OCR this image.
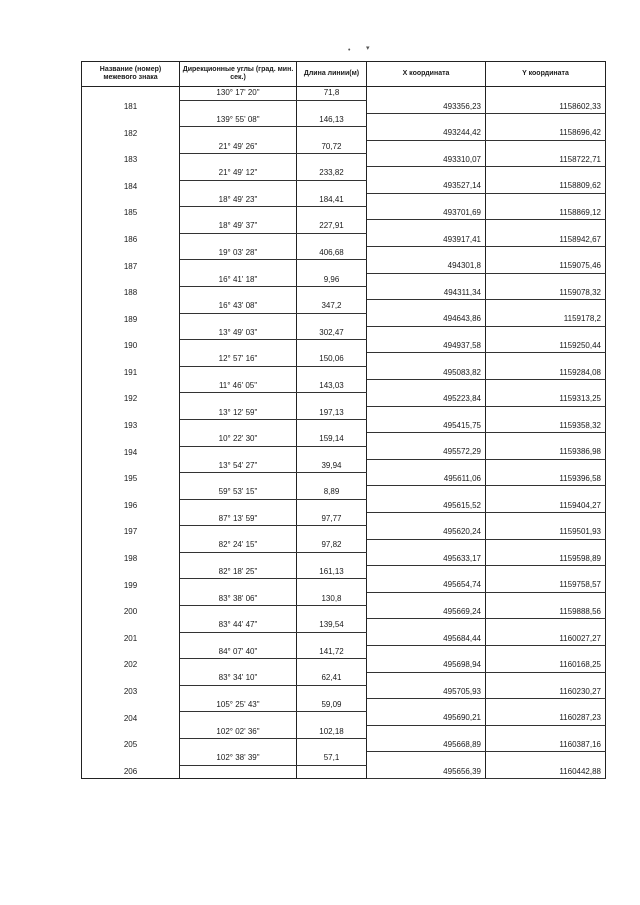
• ▾
Название (номер) межевого знака	Дирекционные углы (град. мин. сек.)	Длина линии(м)	X координата	Y координата
	130° 17' 20"	71,8		
181			493356,23	1158602,33
	139° 55' 08"	146,13		
182			493244,42	1158696,42
	21° 49' 26"	70,72		
183			493310,07	1158722,71
	21° 49' 12"	233,82		
184			493527,14	1158809,62
	18° 49' 23"	184,41		
185			493701,69	1158869,12
	18° 49' 37"	227,91		
186			493917,41	1158942,67
	19° 03' 28"	406,68		
187			494301,8	1159075,46
	16° 41' 18"	9,96		
188			494311,34	1159078,32
	16° 43' 08"	347,2		
189			494643,86	1159178,2
	13° 49' 03"	302,47		
190			494937,58	1159250,44
	12° 57' 16"	150,06		
191			495083,82	1159284,08
	11° 46' 05"	143,03		
192			495223,84	1159313,25
	13° 12' 59"	197,13		
193			495415,75	1159358,32
	10° 22' 30"	159,14		
194			495572,29	1159386,98
	13° 54' 27"	39,94		
195			495611,06	1159396,58
	59° 53' 15"	8,89		
196			495615,52	1159404,27
	87° 13' 59"	97,77		
197			495620,24	1159501,93
	82° 24' 15"	97,82		
198			495633,17	1159598,89
	82° 18' 25"	161,13		
199			495654,74	1159758,57
	83° 38' 06"	130,8		
200			495669,24	1159888,56
	83° 44' 47"	139,54		
201			495684,44	1160027,27
	84° 07' 40"	141,72		
202			495698,94	1160168,25
	83° 34' 10"	62,41		
203			495705,93	1160230,27
	105° 25' 43"	59,09		
204			495690,21	1160287,23
	102° 02' 36"	102,18		
205			495668,89	1160387,16
	102° 38' 39"	57,1		
206			495656,39	1160442,88
